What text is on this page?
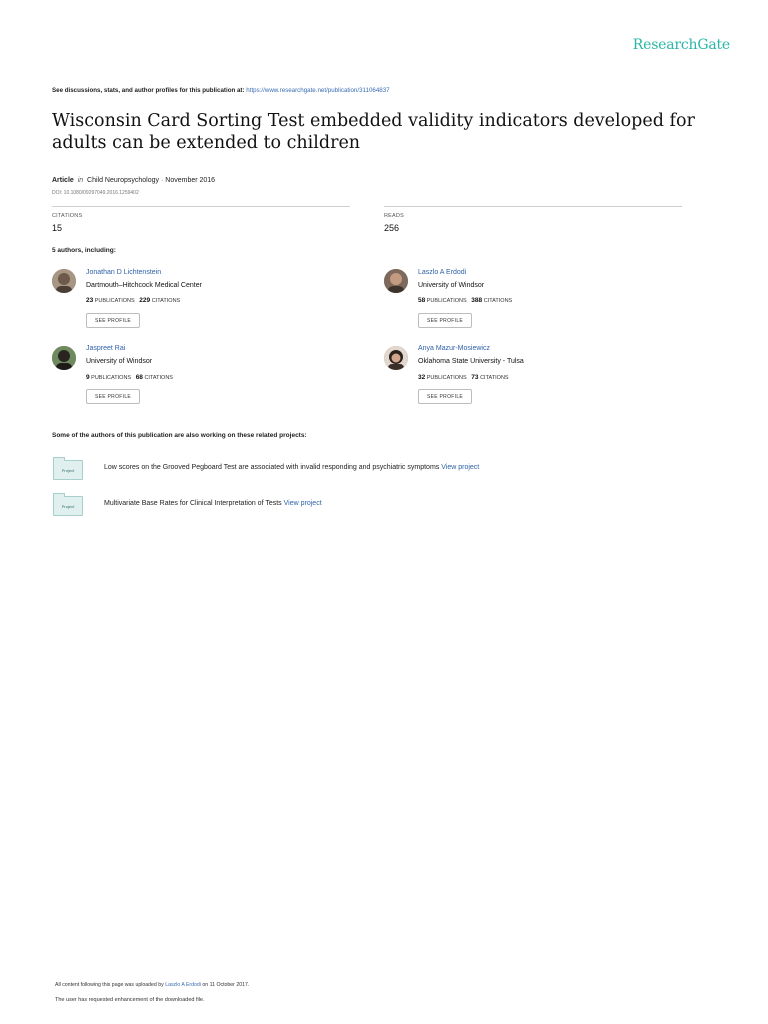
ResearchGate
See discussions, stats, and author profiles for this publication at: https://www.researchgate.net/publication/311064837
Wisconsin Card Sorting Test embedded validity indicators developed for
adults can be extended to children
Article in Child Neuropsychology · November 2016
DOI: 10.1080/09297049.2016.1259402
CITATIONS
15
READS
256
5 authors, including:
Jonathan D Lichtenstein
Dartmouth–Hitchcock Medical Center
23 PUBLICATIONS 229 CITATIONS
SEE PROFILE
Laszlo A Erdodi
University of Windsor
58 PUBLICATIONS 388 CITATIONS
SEE PROFILE
Jaspreet Rai
University of Windsor
9 PUBLICATIONS 68 CITATIONS
SEE PROFILE
Anya Mazur-Mosiewicz
Oklahoma State University - Tulsa
32 PUBLICATIONS 73 CITATIONS
SEE PROFILE
Some of the authors of this publication are also working on these related projects:
Project	Low scores on the Grooved Pegboard Test are associated with invalid responding and psychiatric symptoms View project
Project	Multivariate Base Rates for Clinical Interpretation of Tests View project
All content following this page was uploaded by Laszlo A Erdodi on 11 October 2017.
The user has requested enhancement of the downloaded file.
